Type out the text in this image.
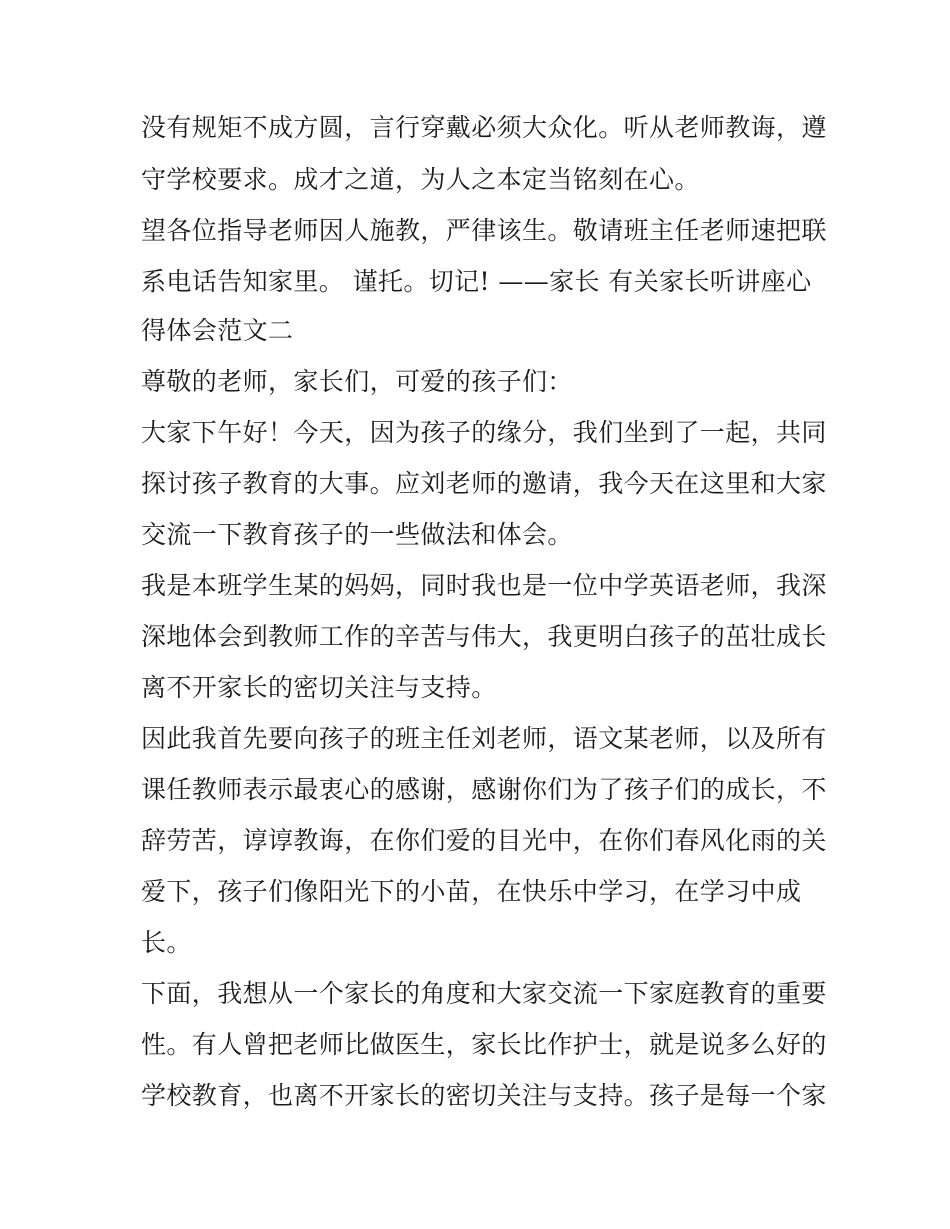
没有规矩不成方圆，言行穿戴必须大众化。听从老师教诲，遵
守学校要求。成才之道，为人之本定当铭刻在心。
望各位指导老师因人施教，严律该生。敬请班主任老师速把联
系电话告知家里。 谨托。切记! ——家长 有关家长听讲座心
得体会范文二
尊敬的老师，家长们，可爱的孩子们：
大家下午好！今天，因为孩子的缘分，我们坐到了一起，共同
探讨孩子教育的大事。应刘老师的邀请，我今天在这里和大家
交流一下教育孩子的一些做法和体会。
我是本班学生某的妈妈，同时我也是一位中学英语老师，我深
深地体会到教师工作的辛苦与伟大，我更明白孩子的茁壮成长
离不开家长的密切关注与支持。
因此我首先要向孩子的班主任刘老师，语文某老师，以及所有
课任教师表示最衷心的感谢，感谢你们为了孩子们的成长，不
辞劳苦，谆谆教诲，在你们爱的目光中，在你们春风化雨的关
爱下，孩子们像阳光下的小苗，在快乐中学习，在学习中成
长。
下面，我想从一个家长的角度和大家交流一下家庭教育的重要
性。有人曾把老师比做医生，家长比作护士，就是说多么好的
学校教育，也离不开家长的密切关注与支持。孩子是每一个家
